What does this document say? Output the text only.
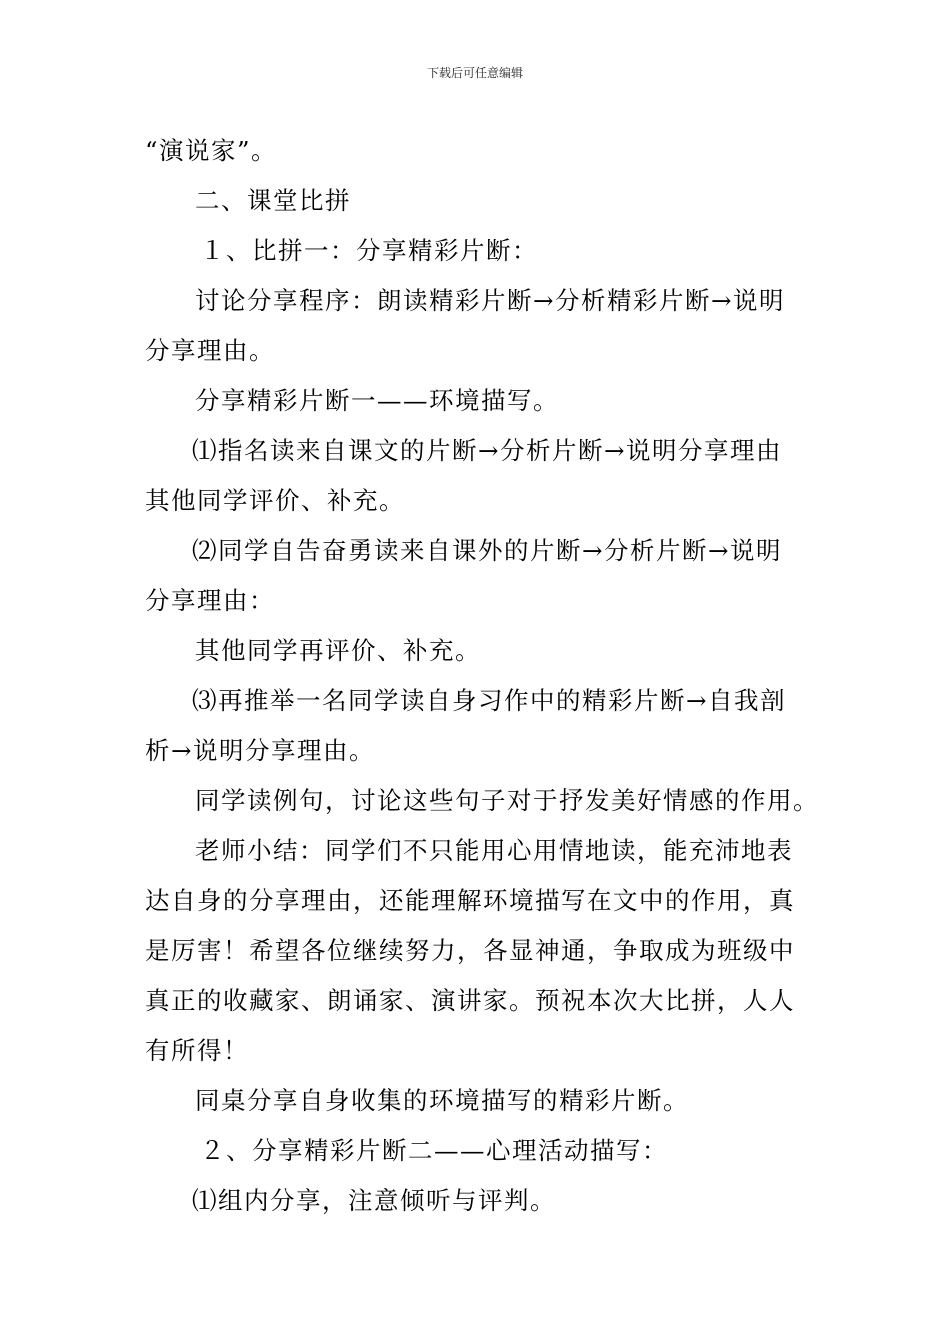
下载后可任意编辑

“演说家”。

二、课堂比拼

１、比拼一：分享精彩片断：

讨论分享程序：朗读精彩片断→分析精彩片断→说明

分享理由。

分享精彩片断一——环境描写。

⑴指名读来自课文的片断→分析片断→说明分享理由

其他同学评价、补充。

⑵同学自告奋勇读来自课外的片断→分析片断→说明

分享理由：

其他同学再评价、补充。

⑶再推举一名同学读自身习作中的精彩片断→自我剖

析→说明分享理由。

同学读例句，讨论这些句子对于抒发美好情感的作用。

老师小结：同学们不只能用心用情地读，能充沛地表

达自身的分享理由，还能理解环境描写在文中的作用，真

是厉害！希望各位继续努力，各显神通，争取成为班级中

真正的收藏家、朗诵家、演讲家。预祝本次大比拼，人人

有所得！

同桌分享自身收集的环境描写的精彩片断。

２、分享精彩片断二——心理活动描写：

⑴组内分享，注意倾听与评判。
